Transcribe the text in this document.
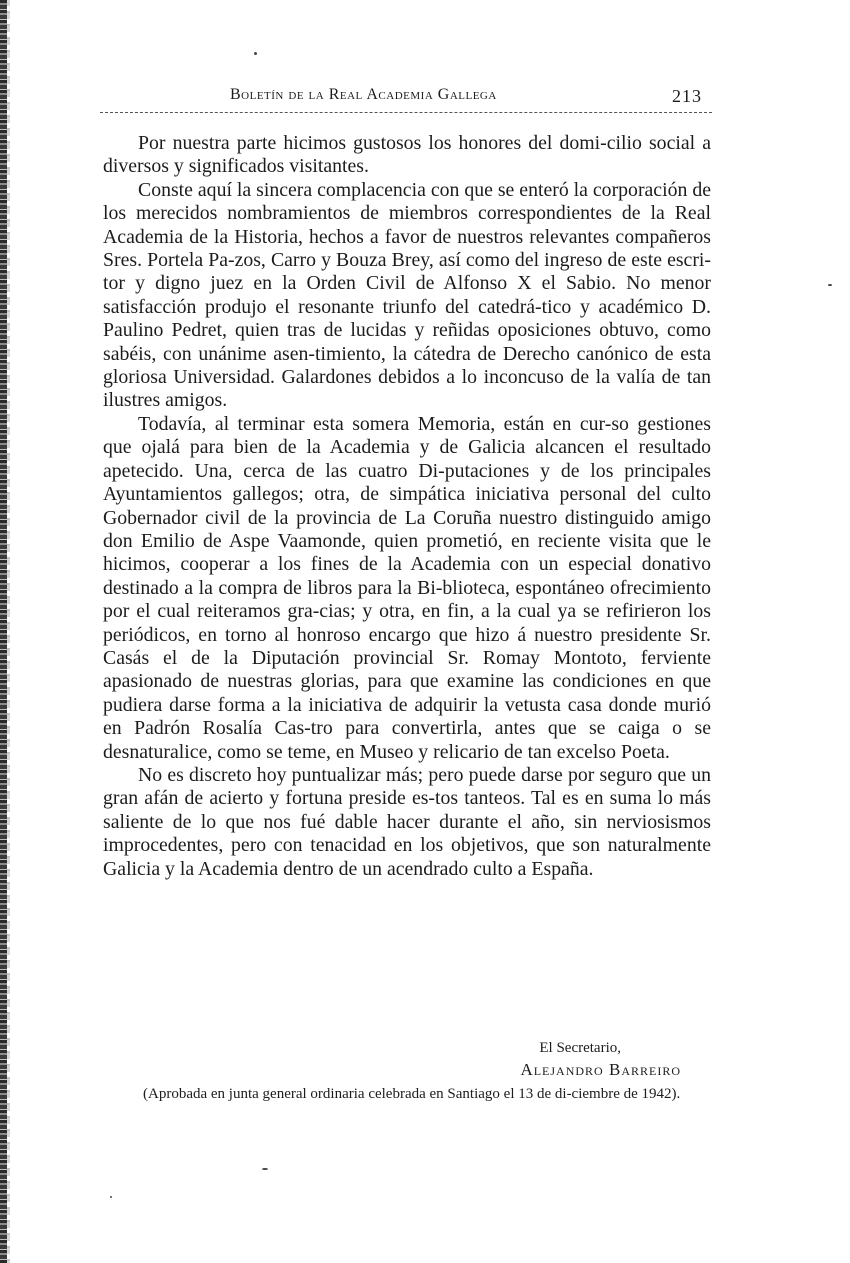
Boletín de la Real Academia Gallega	213

Por nuestra parte hicimos gustosos los honores del domi-cilio social a diversos y significados visitantes.

Conste aquí la sincera complacencia con que se enteró la corporación de los merecidos nombramientos de miembros correspondientes de la Real Academia de la Historia, hechos a favor de nuestros relevantes compañeros Sres. Portela Pa-zos, Carro y Bouza Brey, así como del ingreso de este escri-tor y digno juez en la Orden Civil de Alfonso X el Sabio. No menor satisfacción produjo el resonante triunfo del catedrá-tico y académico D. Paulino Pedret, quien tras de lucidas y reñidas oposiciones obtuvo, como sabéis, con unánime asen-timiento, la cátedra de Derecho canónico de esta gloriosa Universidad. Galardones debidos a lo inconcuso de la valía de tan ilustres amigos.

Todavía, al terminar esta somera Memoria, están en cur-so gestiones que ojalá para bien de la Academia y de Galicia alcancen el resultado apetecido. Una, cerca de las cuatro Di-putaciones y de los principales Ayuntamientos gallegos; otra, de simpática iniciativa personal del culto Gobernador civil de la provincia de La Coruña nuestro distinguido amigo don Emilio de Aspe Vaamonde, quien prometió, en reciente visita que le hicimos, cooperar a los fines de la Academia con un especial donativo destinado a la compra de libros para la Bi-blioteca, espontáneo ofrecimiento por el cual reiteramos gra-cias; y otra, en fin, a la cual ya se refirieron los periódicos, en torno al honroso encargo que hizo á nuestro presidente Sr. Casás el de la Diputación provincial Sr. Romay Montoto, ferviente apasionado de nuestras glorias, para que examine las condiciones en que pudiera darse forma a la iniciativa de adquirir la vetusta casa donde murió en Padrón Rosalía Cas-tro para convertirla, antes que se caiga o se desnaturalice, como se teme, en Museo y relicario de tan excelso Poeta.

No es discreto hoy puntualizar más; pero puede darse por seguro que un gran afán de acierto y fortuna preside es-tos tanteos. Tal es en suma lo más saliente de lo que nos fué dable hacer durante el año, sin nerviosismos improcedentes, pero con tenacidad en los objetivos, que son naturalmente Galicia y la Academia dentro de un acendrado culto a España.

El Secretario,
Alejandro Barreiro
(Aprobada en junta general ordinaria celebrada en Santiago el 13 de di-ciembre de 1942).
